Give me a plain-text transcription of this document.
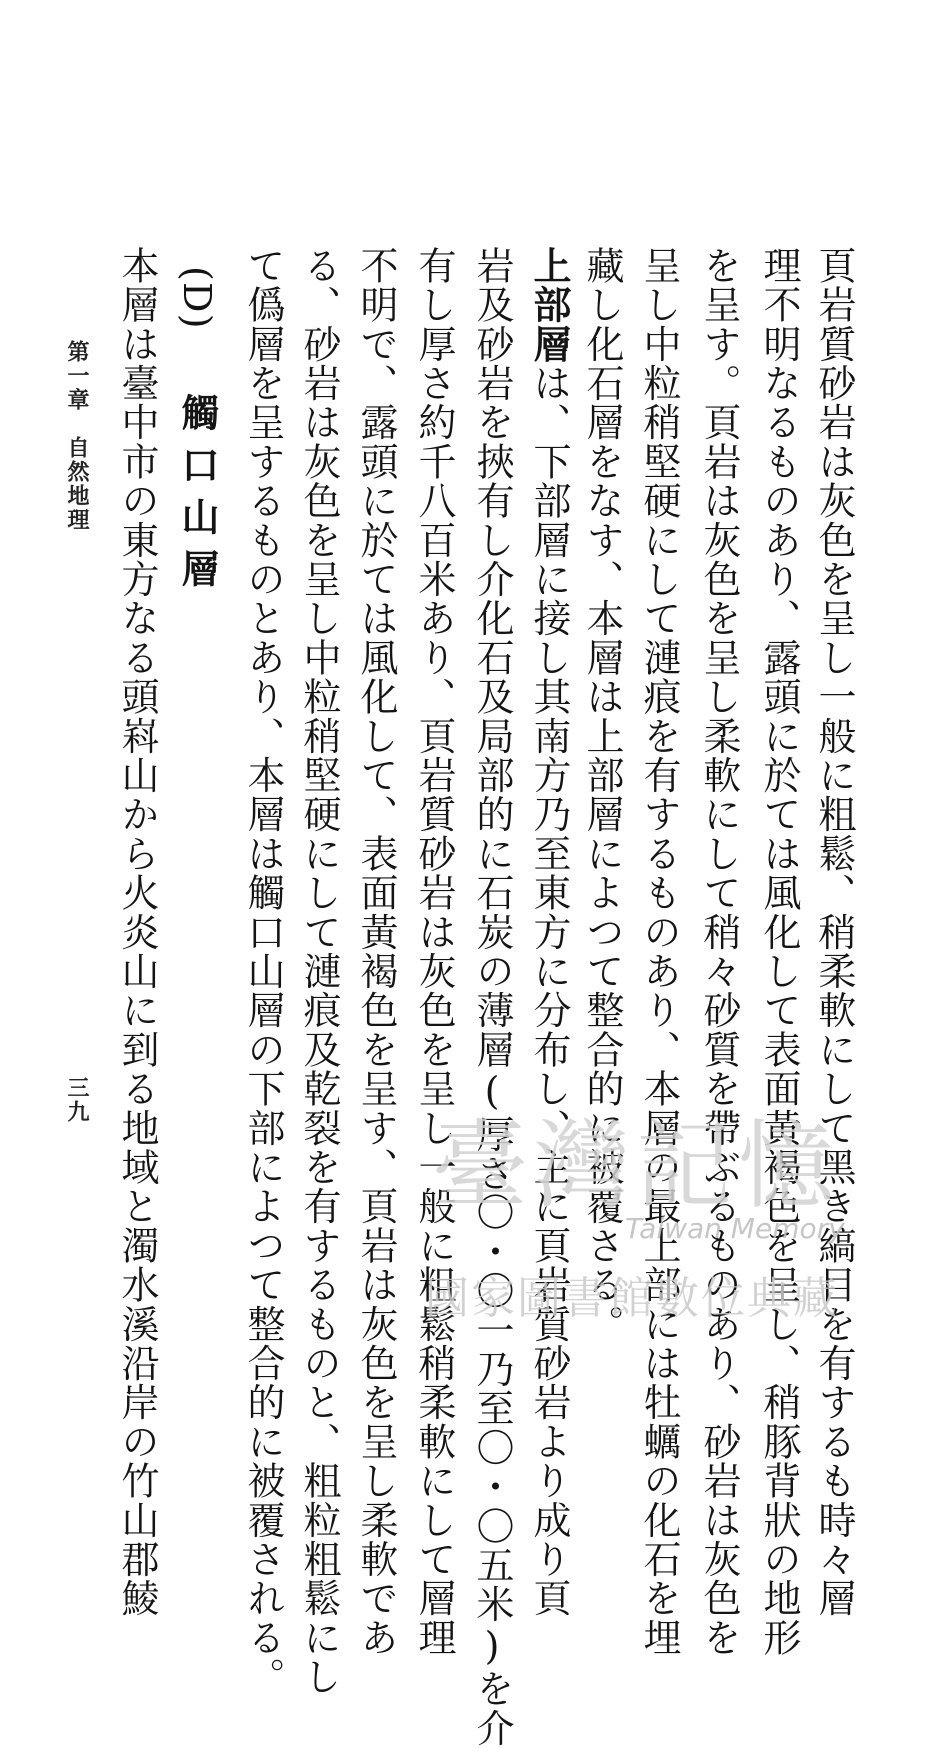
第一章　自然地理
三九	頁岩質砂岩は灰色を呈し一般に粗鬆、稍柔軟にして黑き縞目を有するも時々層
理不明なるものあり、露頭に於ては風化して表面黃褐色を呈し、稍豚背狀の地形
を呈す。頁岩は灰色を呈し柔軟にして稍々砂質を帶ぶるものあり、砂岩は灰色を
呈し中粒稍堅硬にして漣痕を有するものあり、本層の最上部には牡蠣の化石を埋
藏し化石層をなす、本層は上部層によつて整合的に被覆さる。
上部層は、下部層に接し其南方乃至東方に分布し、主に頁岩質砂岩より成り頁
岩及砂岩を挾有し介化石及局部的に石炭の薄層(厚さ〇・〇一乃至〇・〇五米)を介
有し厚さ約千八百米あり、頁岩質砂岩は灰色を呈し一般に粗鬆稍柔軟にして層理
不明で、露頭に於ては風化して、表面黃褐色を呈す、頁岩は灰色を呈し柔軟であ
る、砂岩は灰色を呈し中粒稍堅硬にして漣痕及乾裂を有するものと、粗粒粗鬆にし
て僞層を呈するものとあり、本層は觸口山層の下部によつて整合的に被覆される。
(D) 觸口山層
本層は臺中市の東方なる頭嵙山から火炎山に到る地域と濁水溪沿岸の竹山郡鯪	臺灣記憶
Taiwan Memory
國家圖書館數位典藏
